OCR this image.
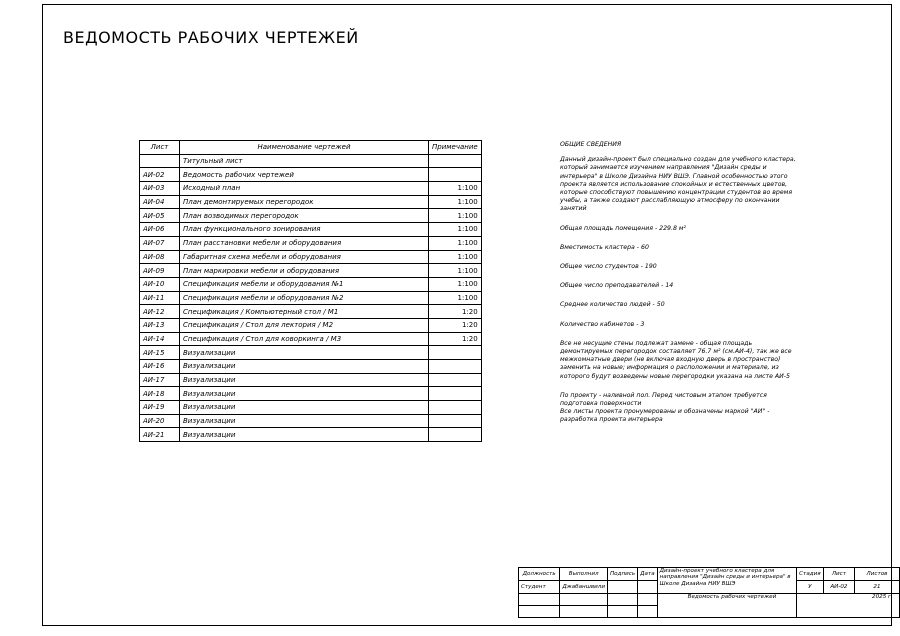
ВЕДОМОСТЬ РАБОЧИХ ЧЕРТЕЖЕЙ
Лист	Наименование чертежей	Примечание
	Титульный лист	
АИ-02	Ведомость рабочих чертежей	
АИ-03	Исходный план	1:100
АИ-04	План демонтируемых перегородок	1:100
АИ-05	План возводимых перегородок	1:100
АИ-06	План функционального зонирования	1:100
АИ-07	План расстановки мебели и оборудования	1:100
АИ-08	Габаритная схема мебели и оборудования	1:100
АИ-09	План маркировки мебели и оборудования	1:100
АИ-10	Спецификация мебели и оборудования №1	1:100
АИ-11	Спецификация мебели и оборудования №2	1:100
АИ-12	Спецификация / Компьютерный стол / М1	1:20
АИ-13	Спецификация / Стол для лектория / М2	1:20
АИ-14	Спецификация / Стол для коворкинга / М3	1:20
АИ-15	Визуализации	
АИ-16	Визуализации	
АИ-17	Визуализации	
АИ-18	Визуализации	
АИ-19	Визуализации	
АИ-20	Визуализации	
АИ-21	Визуализации	
ОБЩИЕ СВЕДЕНИЯ

Данный дизайн-проект был специально создан для учебного кластера, который занимается изучением направления "Дизайн среды и интерьера" в Школе Дизайна НИУ ВШЭ. Главной особенностью этого проекта является использование спокойных и естественных цветов, которые способствуют повышению концентрации студентов во время учебы, а также создают расслабляющую атмосферу по окончании занятий

Общая площадь помещения - 229.8 м²

Вместимость кластера - 60

Общее число студентов - 190

Общее число преподавателей - 14

Среднее количество людей - 50

Количество кабинетов - 3

Все не несущие стены подлежат замене - общая площадь демонтируемых перегородок составляет 76.7 м² (см.АИ-4), так же все межкомнатные двери (не включая входную дверь в пространство) заменить на новые; информация о расположении и материале, из которого будут возведены новые перегородки указана на листе АИ-5

По проекту - наливной пол. Перед чистовым этапом требуется подготовка поверхности
Все листы проекта пронумерованы и обозначены маркой "АИ" - разработка проекта интерьера

Должность	Выполнил	Подпись	Дата	Дизайн-проект учебного кластера для направления "Дизайн среды и интерьера" в Школе Дизайна НИУ ВШЭ	Стадия	Лист	Листов
Студент	Джабаншвили				У	АИ-02	21
				Ведомость рабочих чертежей	2025 г		
